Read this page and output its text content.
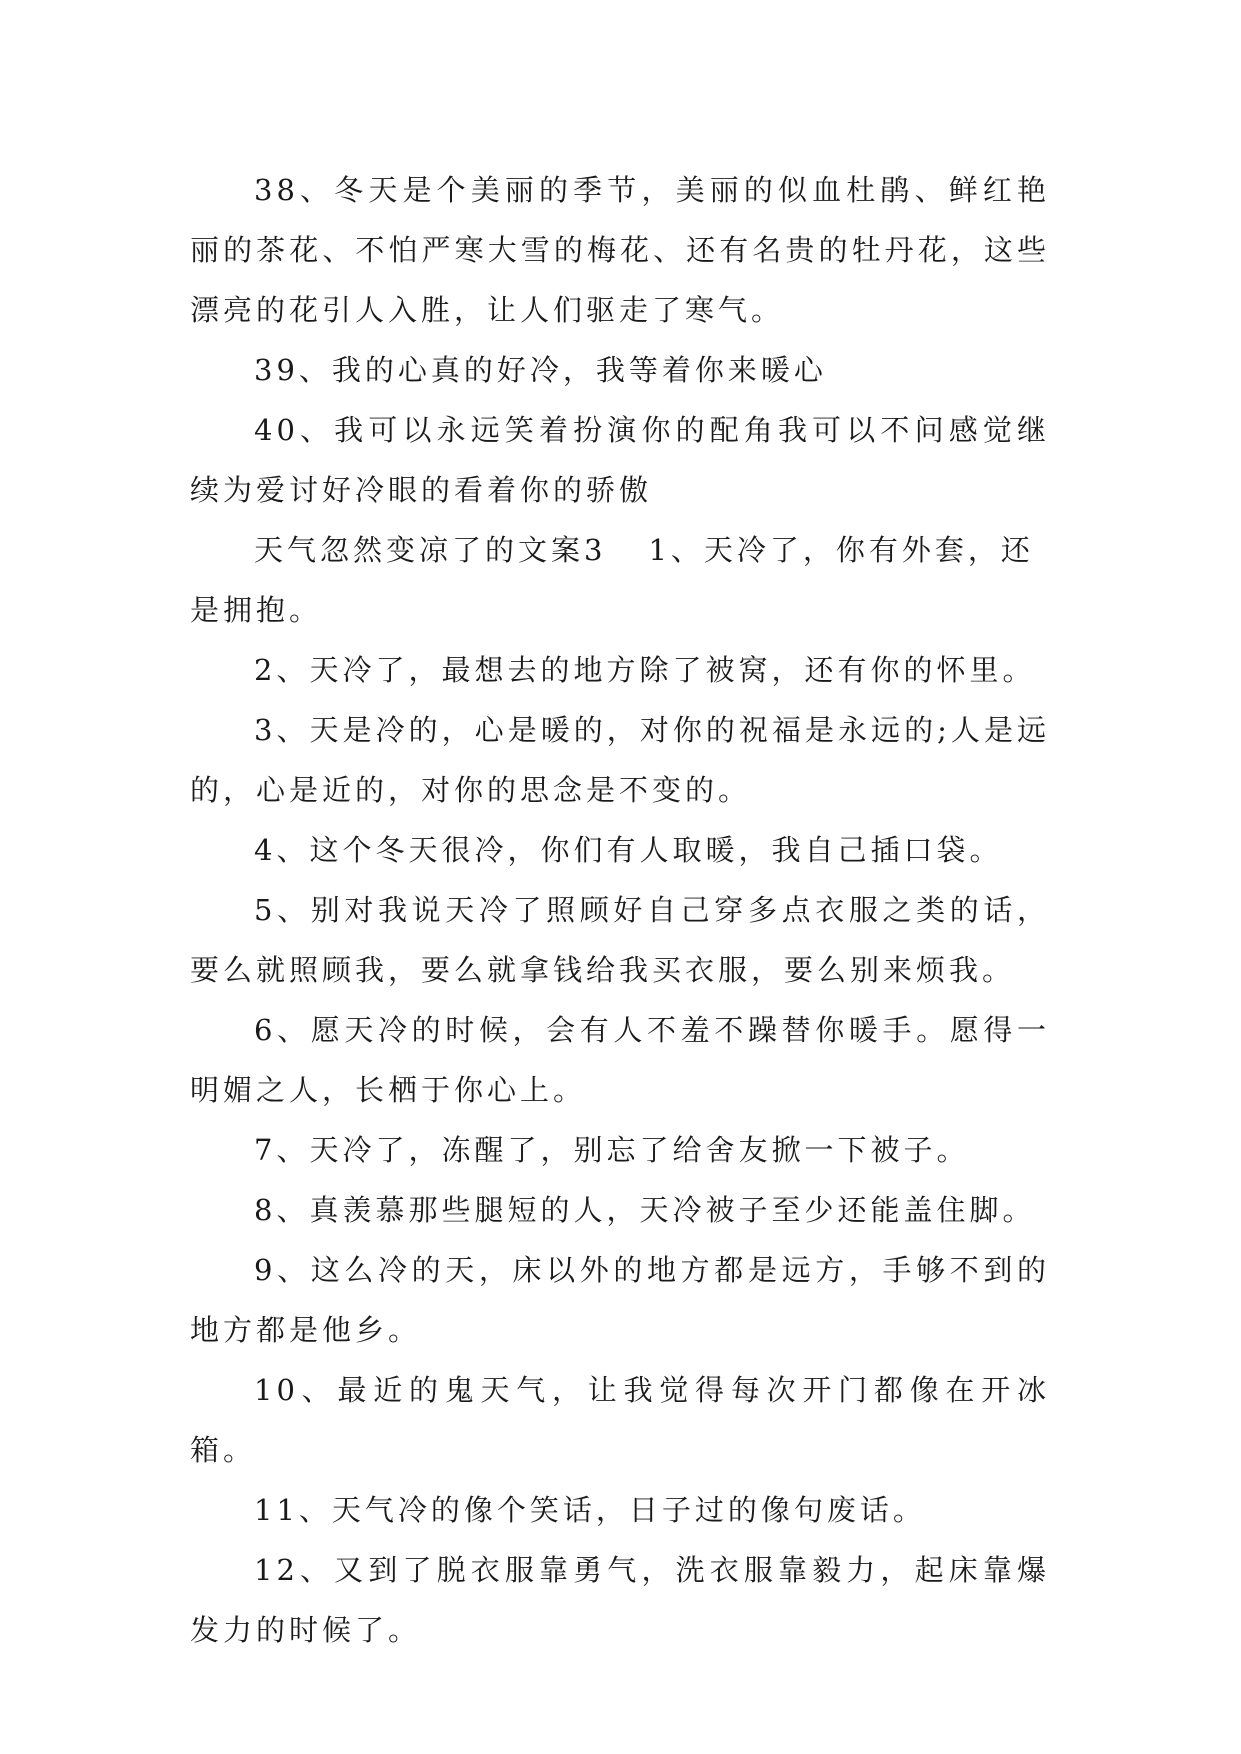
38、冬天是个美丽的季节，美丽的似血杜鹃、鲜红艳丽的茶花、不怕严寒大雪的梅花、还有名贵的牡丹花，这些漂亮的花引人入胜，让人们驱走了寒气。

39、我的心真的好冷，我等着你来暖心

40、我可以永远笑着扮演你的配角我可以不问感觉继续为爱讨好冷眼的看着你的骄傲

天气忽然变凉了的文案3 1、天冷了，你有外套，还是拥抱。

2、天冷了，最想去的地方除了被窝，还有你的怀里。

3、天是冷的，心是暖的，对你的祝福是永远的;人是远的，心是近的，对你的思念是不变的。

4、这个冬天很冷，你们有人取暖，我自己插口袋。

5、别对我说天冷了照顾好自己穿多点衣服之类的话，要么就照顾我，要么就拿钱给我买衣服，要么别来烦我。

6、愿天冷的时候，会有人不羞不躁替你暖手。愿得一明媚之人，长栖于你心上。

7、天冷了，冻醒了，别忘了给舍友掀一下被子。

8、真羡慕那些腿短的人，天冷被子至少还能盖住脚。

9、这么冷的天，床以外的地方都是远方，手够不到的地方都是他乡。

10、最近的鬼天气，让我觉得每次开门都像在开冰箱。

11、天气冷的像个笑话，日子过的像句废话。

12、又到了脱衣服靠勇气，洗衣服靠毅力，起床靠爆发力的时候了。
